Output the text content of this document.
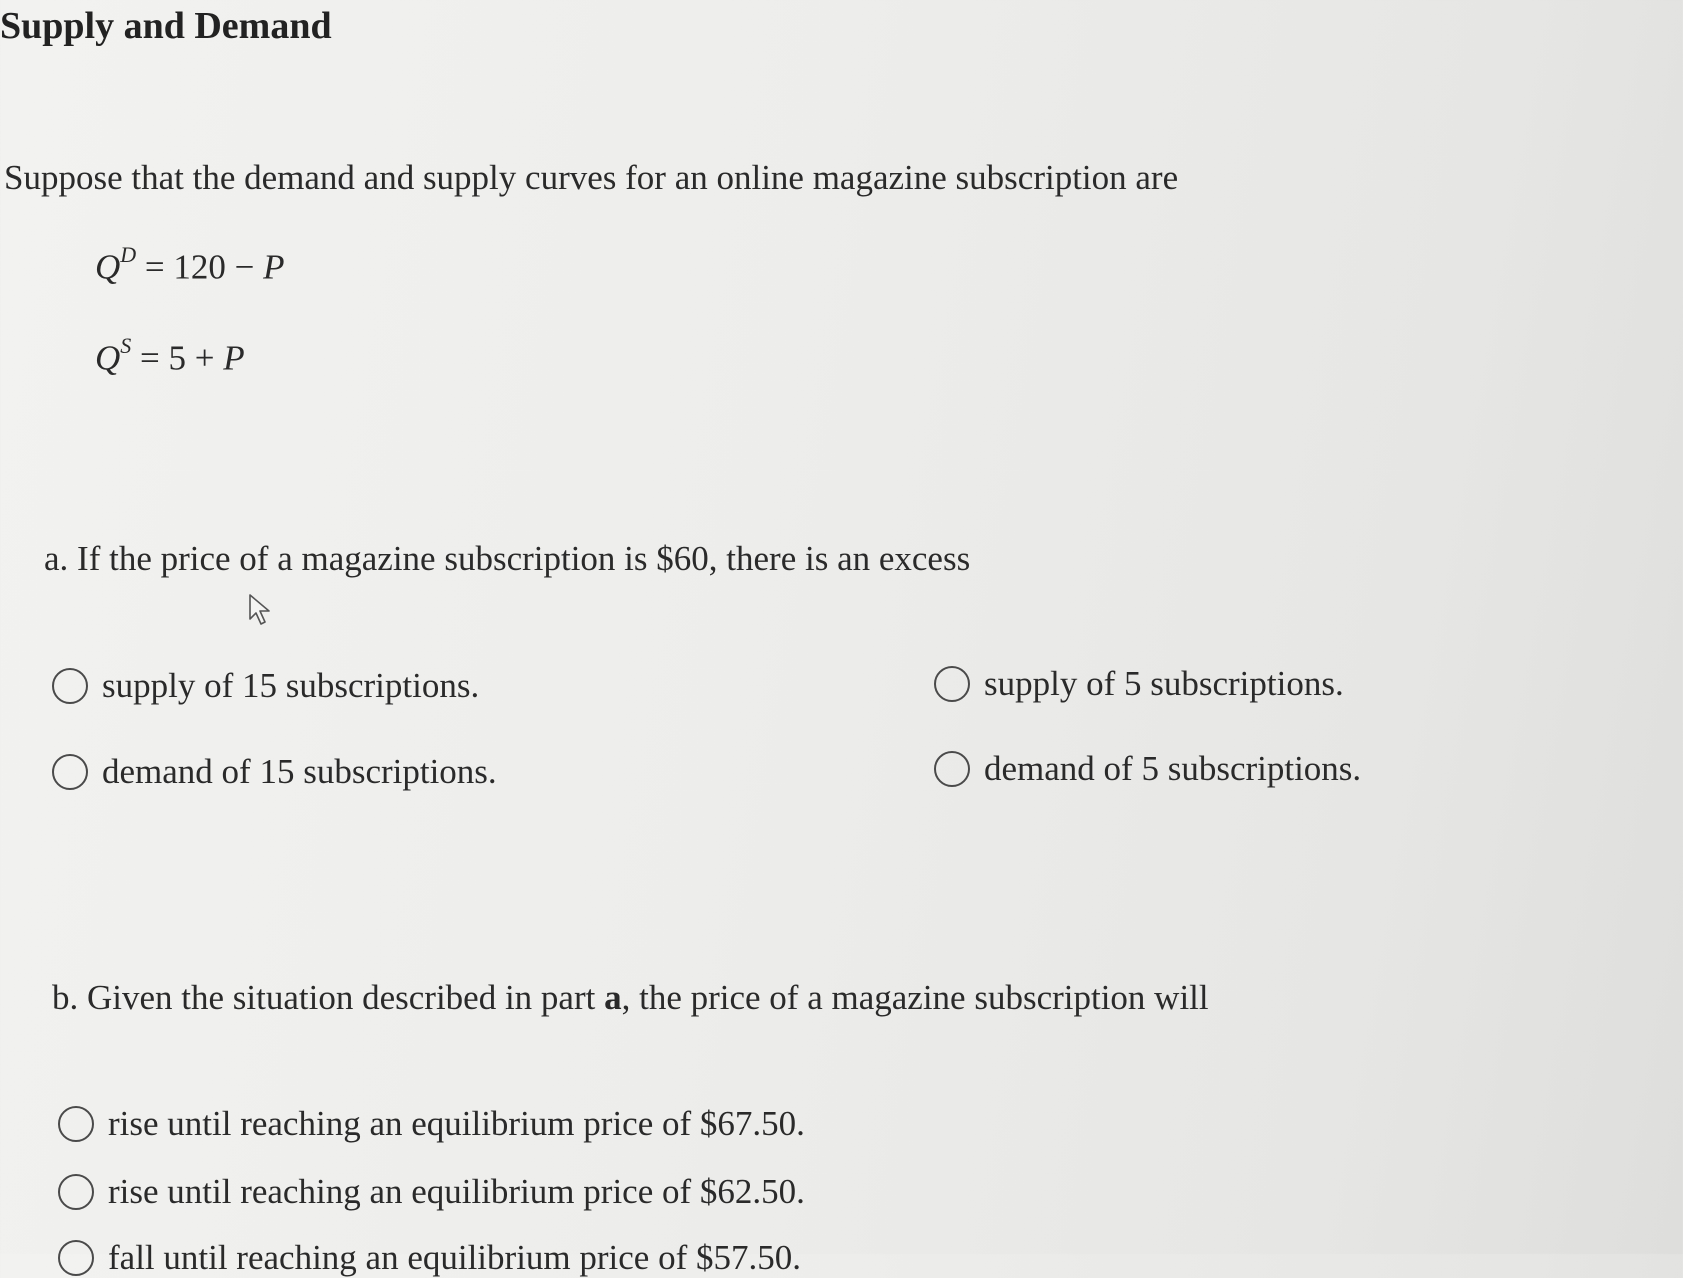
Supply and Demand
Suppose that the demand and supply curves for an online magazine subscription are
$Q^D = 120 - P$
$Q^S = 5 + P$
a. If the price of a magazine subscription is $60, there is an excess
supply of 15 subscriptions.	supply of 5 subscriptions.
demand of 15 subscriptions.	demand of 5 subscriptions.
b. Given the situation described in part a, the price of a magazine subscription will
rise until reaching an equilibrium price of $67.50.
rise until reaching an equilibrium price of $62.50.
fall until reaching an equilibrium price of $57.50.
